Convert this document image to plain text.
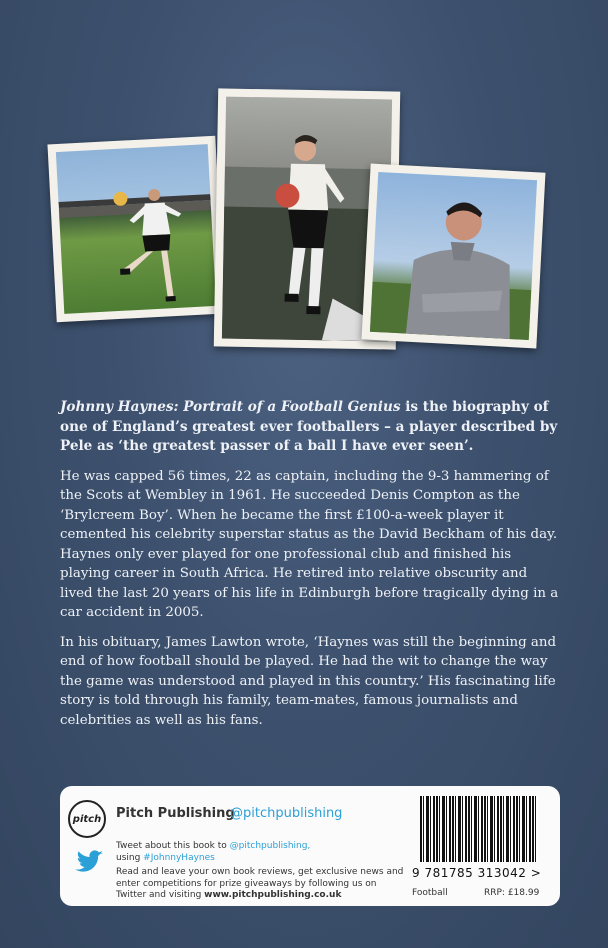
Johnny Haynes: Portrait of a Football Genius is the biography of one of England’s greatest ever footballers – a player described by Pele as ‘the greatest passer of a ball I have ever seen’.

He was capped 56 times, 22 as captain, including the 9-3 hammering of the Scots at Wembley in 1961. He succeeded Denis Compton as the ‘Brylcreem Boy’. When he became the first £100-a-week player it cemented his celebrity superstar status as the David Beckham of his day. Haynes only ever played for one professional club and finished his playing career in South Africa. He retired into relative obscurity and lived the last 20 years of his life in Edinburgh before tragically dying in a car accident in 2005.

In his obituary, James Lawton wrote, ‘Haynes was still the beginning and end of how football should be played. He had the wit to change the way the game was understood and played in this country.’ His fascinating life story is told through his family, team-mates, famous journalists and celebrities as well as his fans.

pitch Pitch Publishing
@pitchpublishing
Tweet about this book to @pitchpublishing,
using #JohnnyHaynes
Read and leave your own book reviews, get exclusive news and enter competitions for prize giveaways by following us on Twitter and visiting www.pitchpublishing.co.uk
9 781785 313042 >
Football	RRP: £18.99
